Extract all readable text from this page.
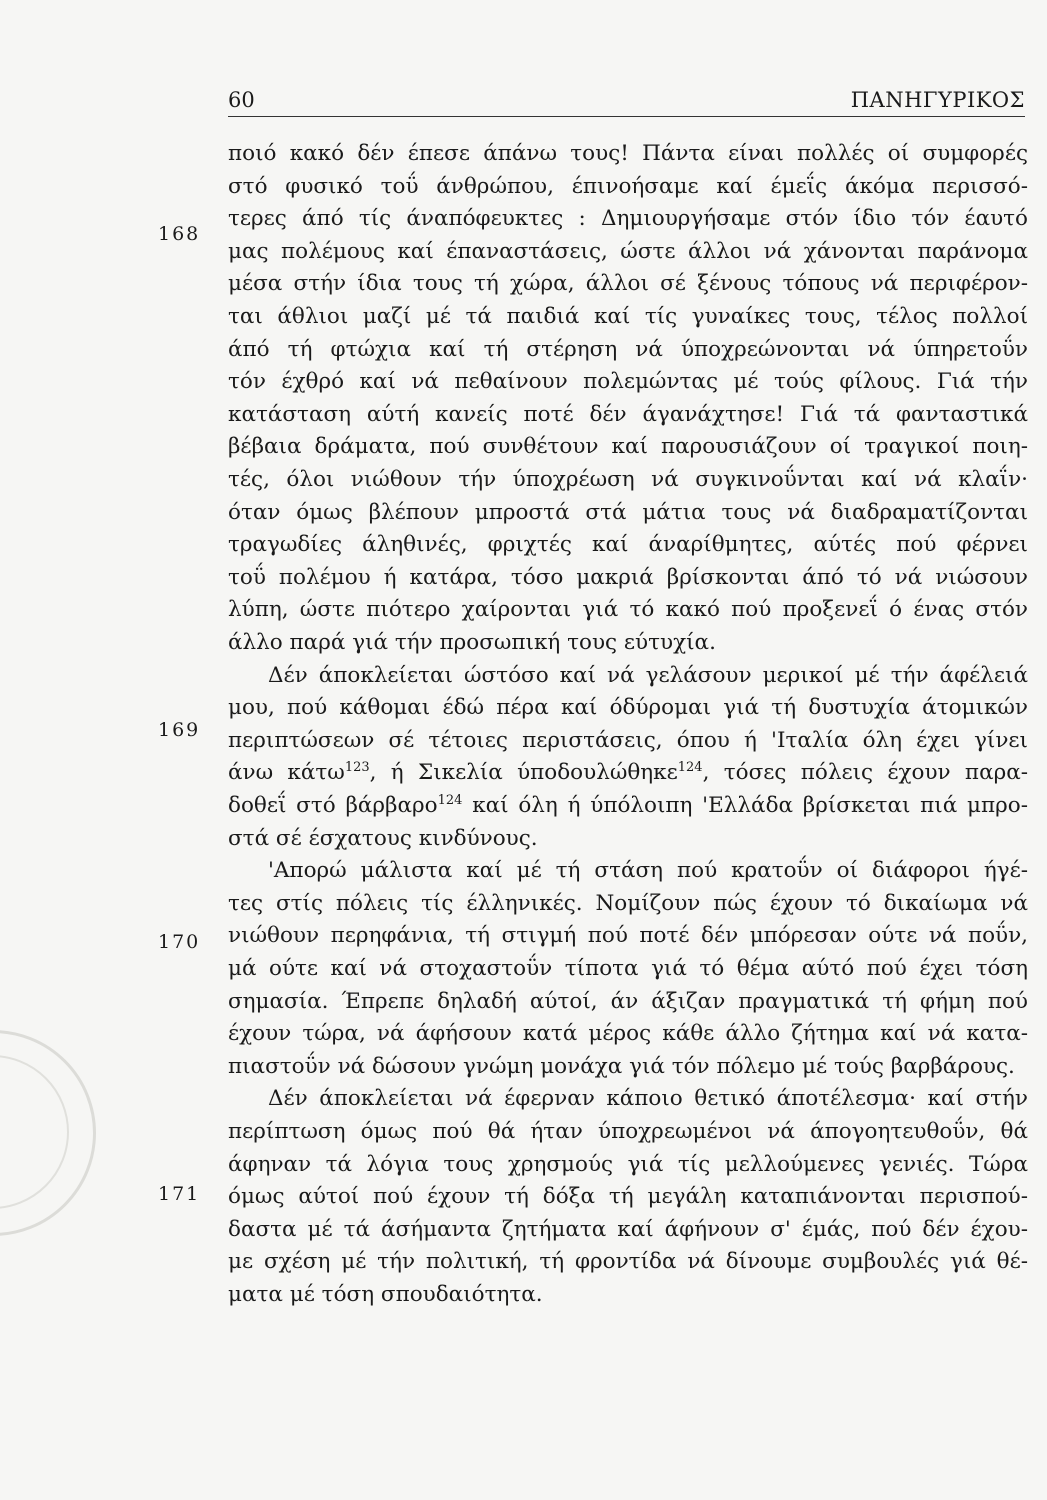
60	ΠΑΝΗΓΥΡΙΚΟΣ
168
169
170
171
ποιό κακό δέν έπεσε άπάνω τους! Πάντα είναι πολλές οί συμφορές
στό φυσικό τοΰ άνθρώπου, έπινοήσαμε καί έμεΐς άκόμα περισσό-
τερες άπό τίς άναπόφευκτες : Δημιουργήσαμε στόν ίδιο τόν έαυτό
μας πολέμους καί έπαναστάσεις, ώστε άλλοι νά χάνονται παράνομα
μέσα στήν ίδια τους τή χώρα, άλλοι σέ ξένους τόπους νά περιφέρον-
ται άθλιοι μαζί μέ τά παιδιά καί τίς γυναίκες τους, τέλος πολλοί
άπό τή φτώχια καί τή στέρηση νά ύποχρεώνονται νά ύπηρετοΰν
τόν έχθρό καί νά πεθαίνουν πολεμώντας μέ τούς φίλους. Γιά τήν
κατάσταση αύτή κανείς ποτέ δέν άγανάχτησε! Γιά τά φανταστικά
βέβαια δράματα, πού συνθέτουν καί παρουσιάζουν οί τραγικοί ποιη-
τές, όλοι νιώθουν τήν ύποχρέωση νά συγκινοΰνται καί νά κλαΐν·
όταν όμως βλέπουν μπροστά στά μάτια τους νά διαδραματίζονται
τραγωδίες άληθινές, φριχτές καί άναρίθμητες, αύτές πού φέρνει
τοΰ πολέμου ή κατάρα, τόσο μακριά βρίσκονται άπό τό νά νιώσουν
λύπη, ώστε πιότερο χαίρονται γιά τό κακό πού προξενεΐ ό ένας στόν
άλλο παρά γιά τήν προσωπική τους εύτυχία.
Δέν άποκλείεται ώστόσο καί νά γελάσουν μερικοί μέ τήν άφέλειά
μου, πού κάθομαι έδώ πέρα καί όδύρομαι γιά τή δυστυχία άτομικών
περιπτώσεων σέ τέτοιες περιστάσεις, όπου ή 'Ιταλία όλη έχει γίνει
άνω κάτω$^{123}$, ή Σικελία ύποδουλώθηκε$^{124}$, τόσες πόλεις έχουν παρα-
δοθεΐ στό βάρβαρο$^{124}$ καί όλη ή ύπόλοιπη 'Ελλάδα βρίσκεται πιά μπρο-
στά σέ έσχατους κινδύνους.
'Απορώ μάλιστα καί μέ τή στάση πού κρατοΰν οί διάφοροι ήγέ-
τες στίς πόλεις τίς έλληνικές. Νομίζουν πώς έχουν τό δικαίωμα νά
νιώθουν περηφάνια, τή στιγμή πού ποτέ δέν μπόρεσαν ούτε νά ποΰν,
μά ούτε καί νά στοχαστοΰν τίποτα γιά τό θέμα αύτό πού έχει τόση
σημασία. Έπρεπε δηλαδή αύτοί, άν άξιζαν πραγματικά τή φήμη πού
έχουν τώρα, νά άφήσουν κατά μέρος κάθε άλλο ζήτημα καί νά κατα-
πιαστοΰν νά δώσουν γνώμη μονάχα γιά τόν πόλεμο μέ τούς βαρβάρους.
Δέν άποκλείεται νά έφερναν κάποιο θετικό άποτέλεσμα· καί στήν
περίπτωση όμως πού θά ήταν ύποχρεωμένοι νά άπογοητευθοΰν, θά
άφηναν τά λόγια τους χρησμούς γιά τίς μελλούμενες γενιές. Τώρα
όμως αύτοί πού έχουν τή δόξα τή μεγάλη καταπιάνονται περισπού-
δαστα μέ τά άσήμαντα ζητήματα καί άφήνουν σ' έμάς, πού δέν έχου-
με σχέση μέ τήν πολιτική, τή φροντίδα νά δίνουμε συμβουλές γιά θέ-
ματα μέ τόση σπουδαιότητα.
